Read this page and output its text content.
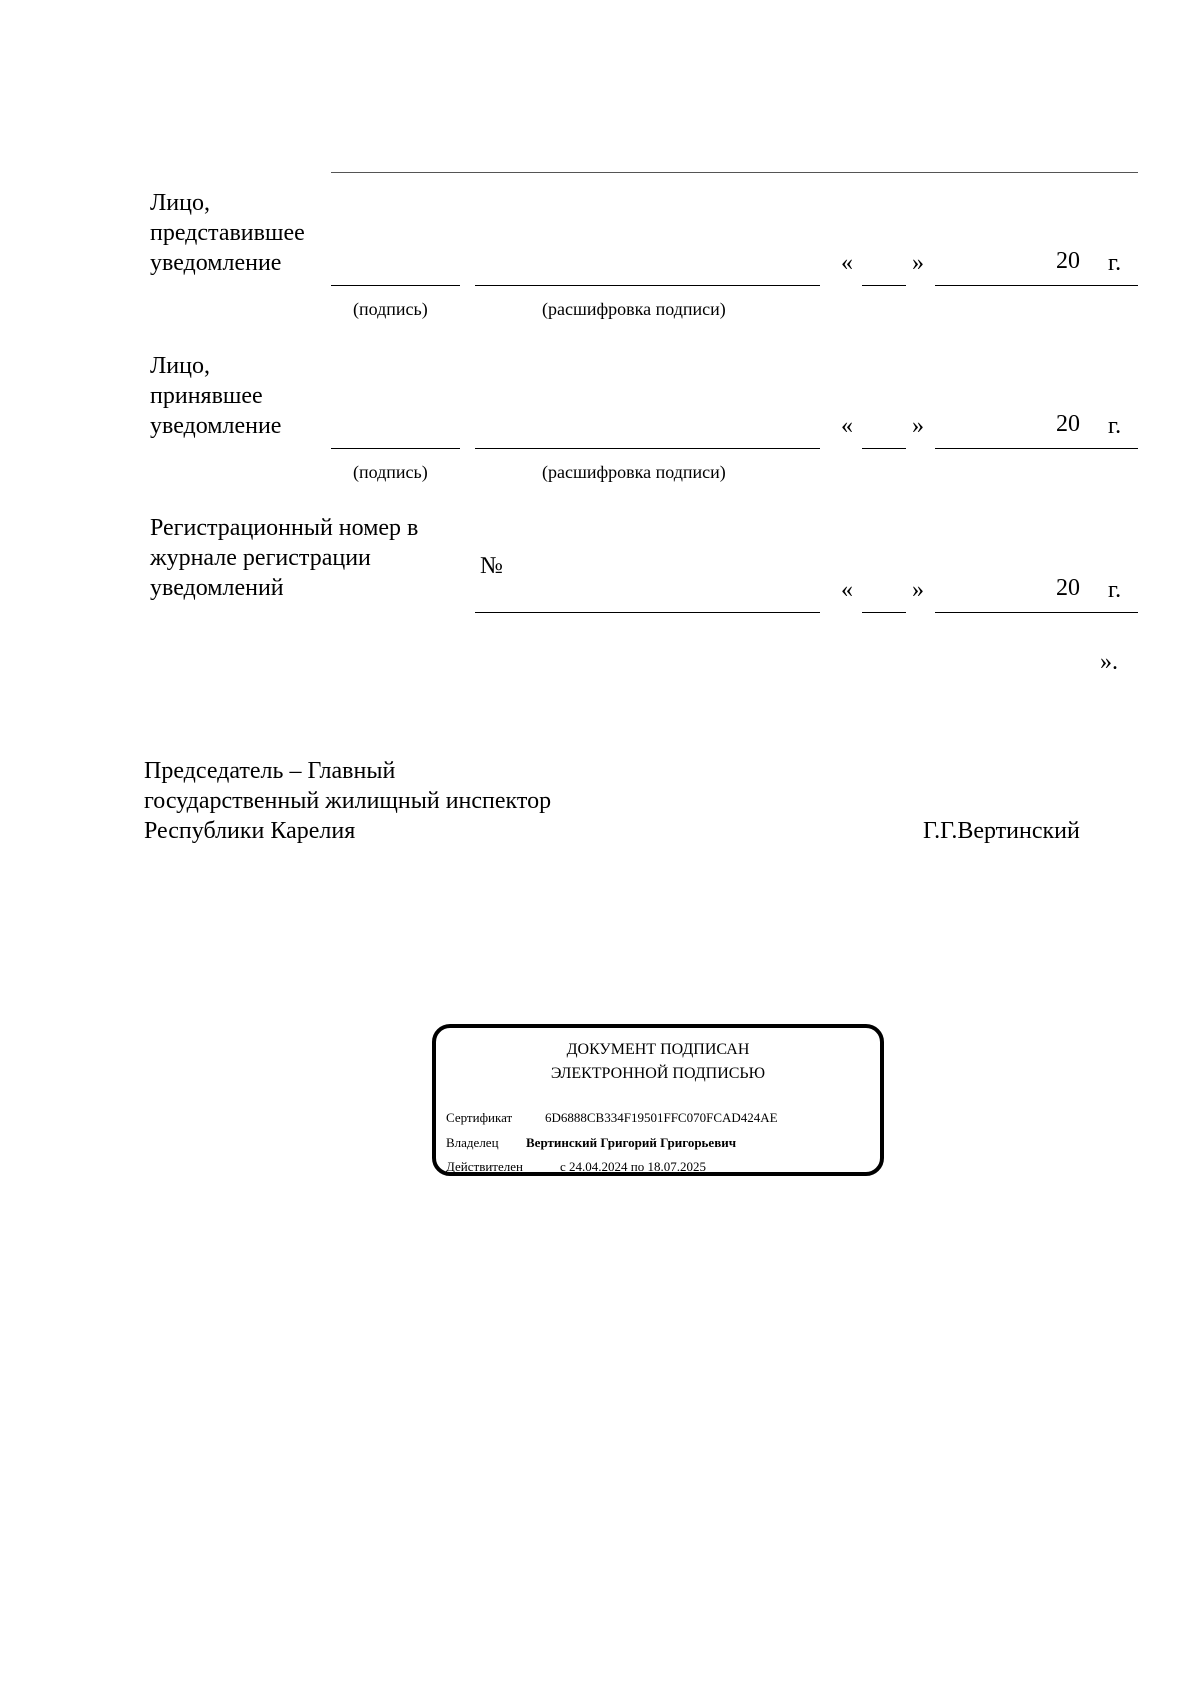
Лицо,
представившее
уведомление	« »	20 г.
(подпись)	(расшифровка подписи)
Лицо,
принявшее
уведомление	« »	20 г.
(подпись)	(расшифровка подписи)
Регистрационный номер в
журнале регистрации
уведомлений
№
« »	20 г.
».
Председатель – Главный
государственный жилищный инспектор
Республики Карелия	Г.Г.Вертинский
ДОКУМЕНТ ПОДПИСАН
ЭЛЕКТРОННОЙ ПОДПИСЬЮ
Сертификат	6D6888CB334F19501FFC070FCAD424AE
Владелец Вертинский Григорий Григорьевич
Действителен	с 24.04.2024 по 18.07.2025
